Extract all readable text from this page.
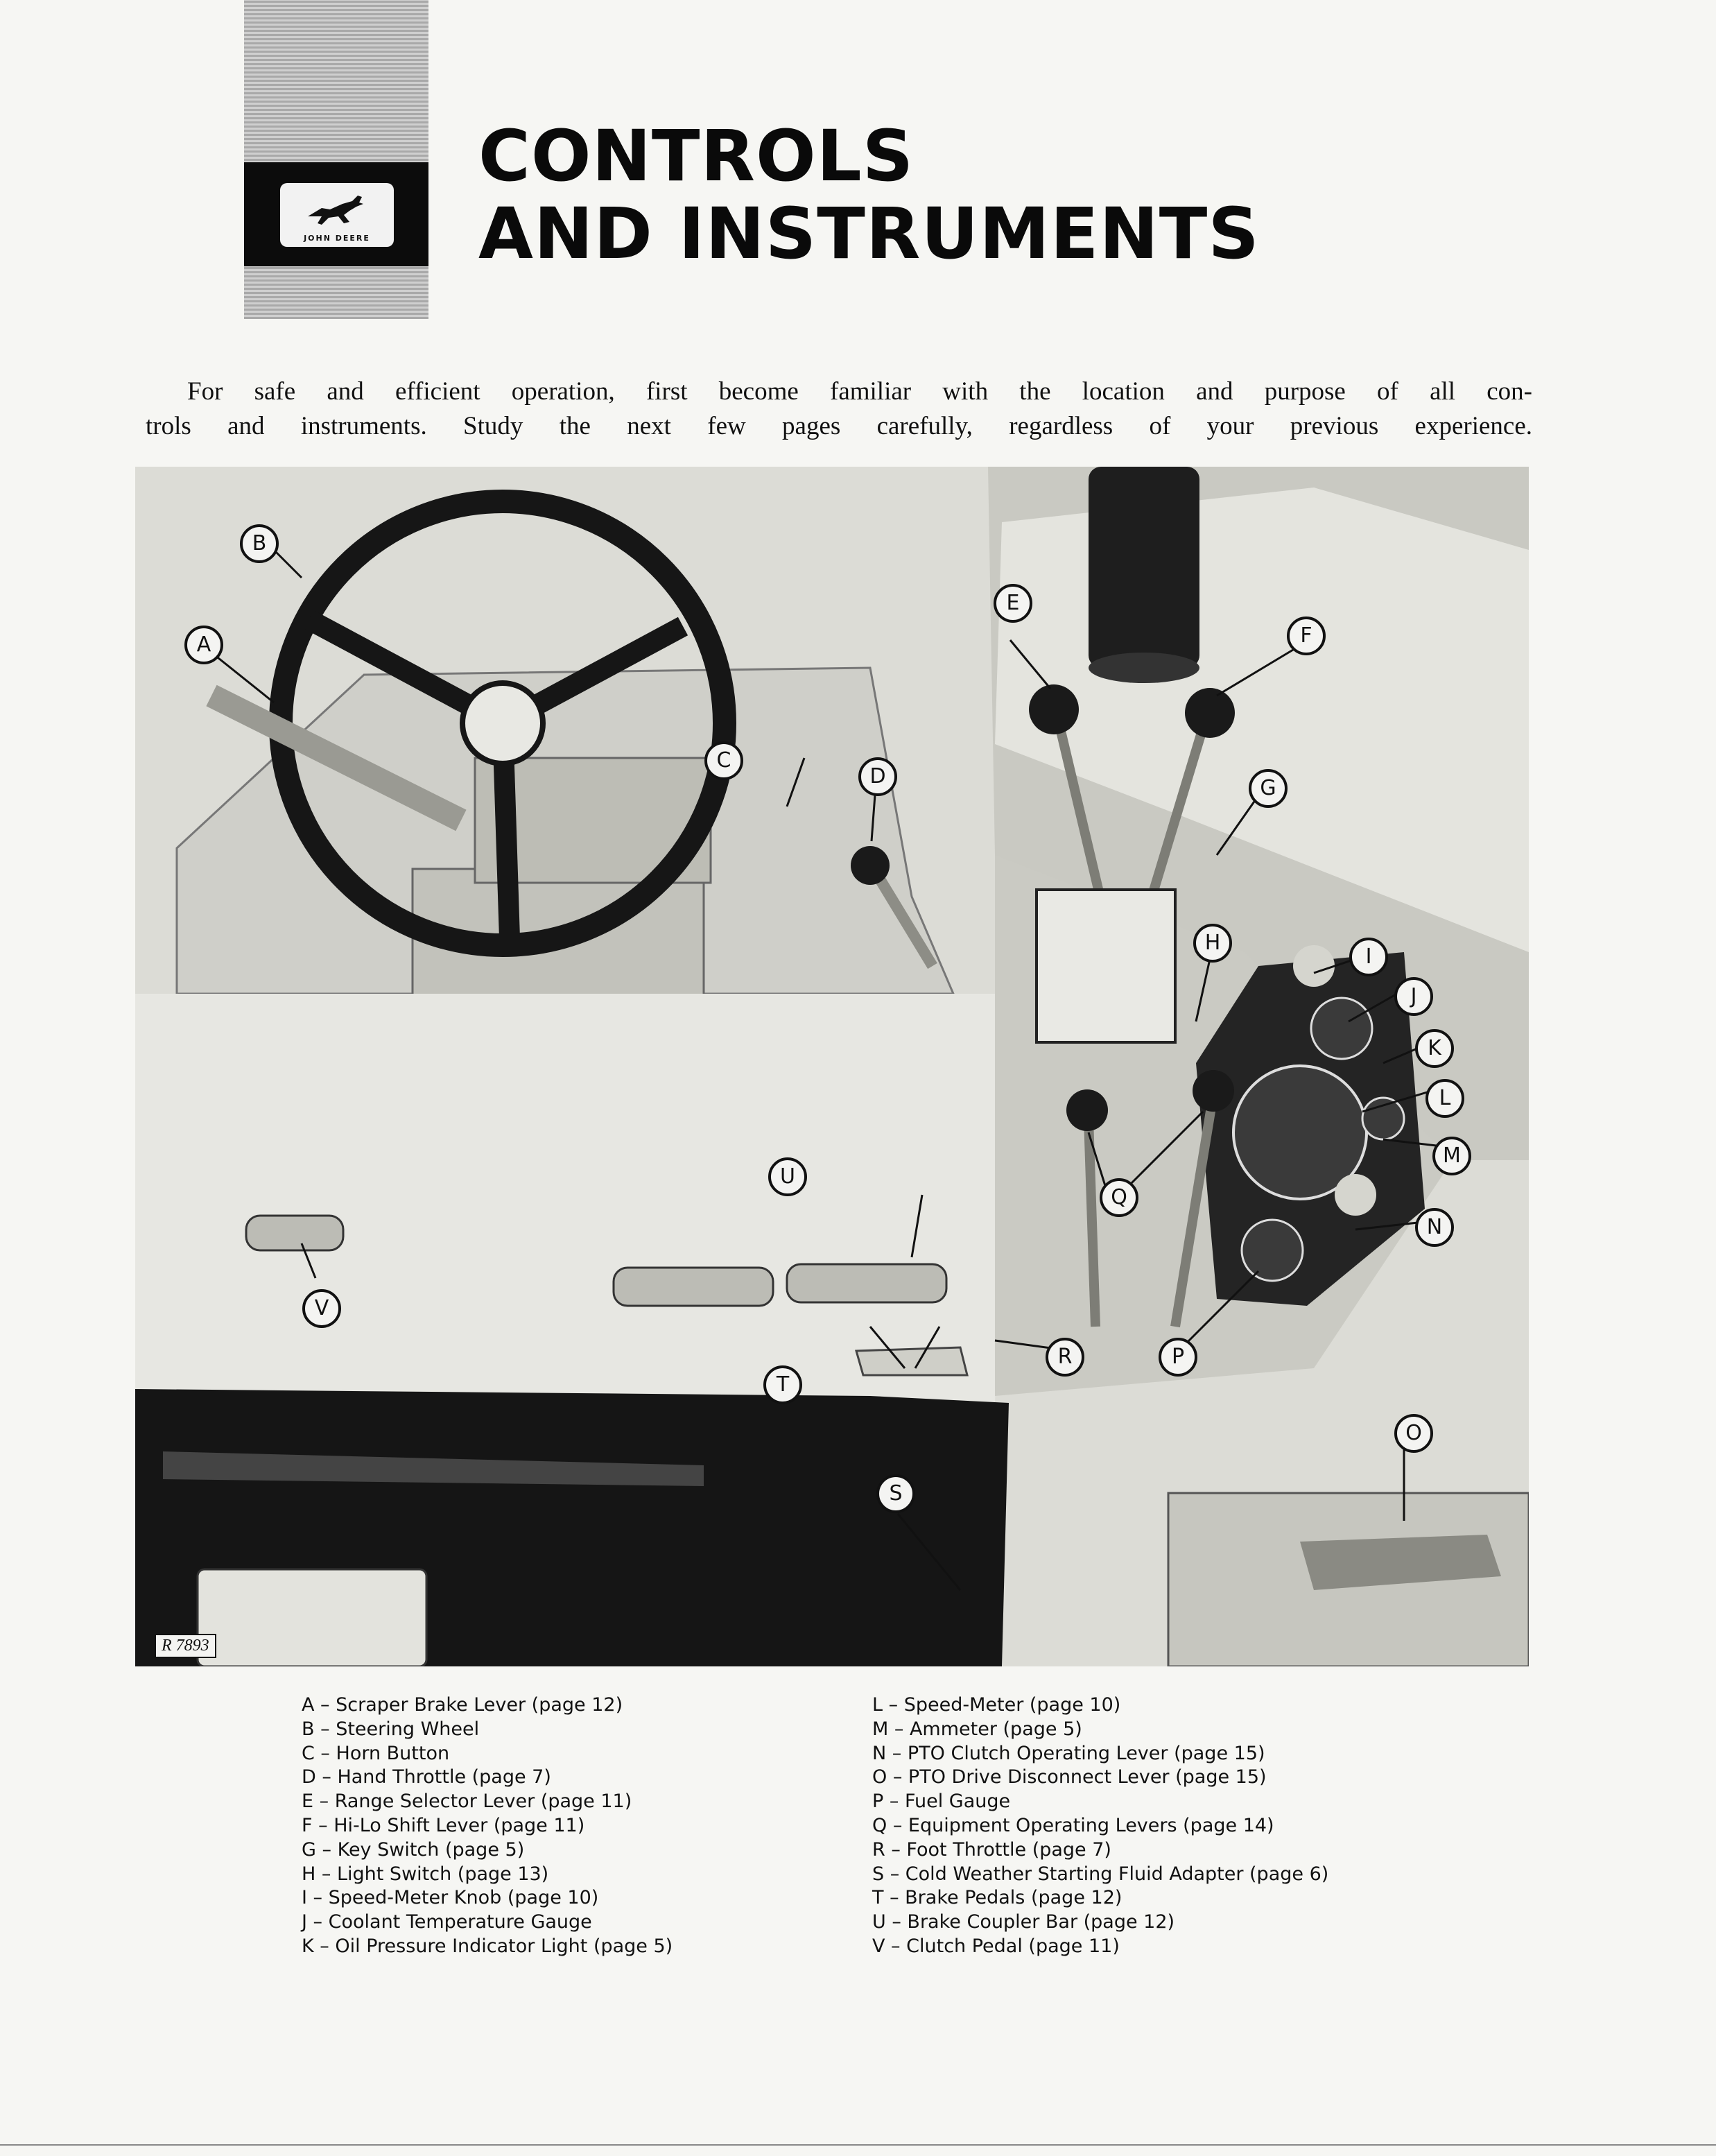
JOHN DEERE
CONTROLS
AND INSTRUMENTS
For safe and efficient operation, first become familiar with the location and purpose of all con-
trols and instruments. Study the next few pages carefully, regardless of your previous experience.
B
A
C
D
E
F
G
H
I
J
K
L
M
N
O
P
Q
R
S
T
U
V
R 7893
A – Scraper Brake Lever (page 12)
B – Steering Wheel
C – Horn Button
D – Hand Throttle (page 7)
E – Range Selector Lever (page 11)
F – Hi-Lo Shift Lever (page 11)
G – Key Switch (page 5)
H – Light Switch (page 13)
I – Speed-Meter Knob (page 10)
J – Coolant Temperature Gauge
K – Oil Pressure Indicator Light (page 5)
L – Speed-Meter (page 10)
M – Ammeter (page 5)
N – PTO Clutch Operating Lever (page 15)
O – PTO Drive Disconnect Lever (page 15)
P – Fuel Gauge
Q – Equipment Operating Levers (page 14)
R – Foot Throttle (page 7)
S – Cold Weather Starting Fluid Adapter (page 6)
T – Brake Pedals (page 12)
U – Brake Coupler Bar (page 12)
V – Clutch Pedal (page 11)
